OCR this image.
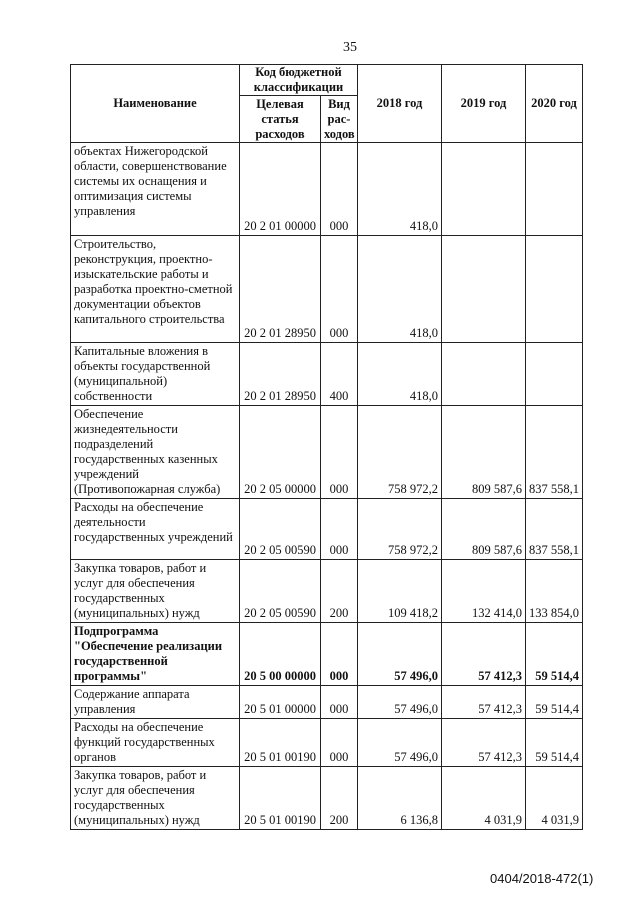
35
Наименование	Код бюджетной классификации		2018 год	2019 год	2020 год
	Целевая статья расходов	Вид рас-ходов			
объектах Нижегородской области, совершенствование системы их оснащения и оптимизация системы управления	20 2 01 00000	000	418,0		
Строительство, реконструкция, проектно-изыскательские работы и разработка проектно-сметной документации объектов капитального строительства	20 2 01 28950	000	418,0		
Капитальные вложения в объекты государственной (муниципальной) собственности	20 2 01 28950	400	418,0		
Обеспечение жизнедеятельности подразделений государственных казенных учреждений (Противопожарная служба)	20 2 05 00000	000	758 972,2	809 587,6	837 558,1
Расходы на обеспечение деятельности государственных учреждений	20 2 05 00590	000	758 972,2	809 587,6	837 558,1
Закупка товаров, работ и услуг для обеспечения государственных (муниципальных) нужд	20 2 05 00590	200	109 418,2	132 414,0	133 854,0
Подпрограмма "Обеспечение реализации государственной программы"	20 5 00 00000	000	57 496,0	57 412,3	59 514,4
Содержание аппарата управления	20 5 01 00000	000	57 496,0	57 412,3	59 514,4
Расходы на обеспечение функций государственных органов	20 5 01 00190	000	57 496,0	57 412,3	59 514,4
Закупка товаров, работ и услуг для обеспечения государственных (муниципальных) нужд	20 5 01 00190	200	6 136,8	4 031,9	4 031,9
0404/2018-472(1)
